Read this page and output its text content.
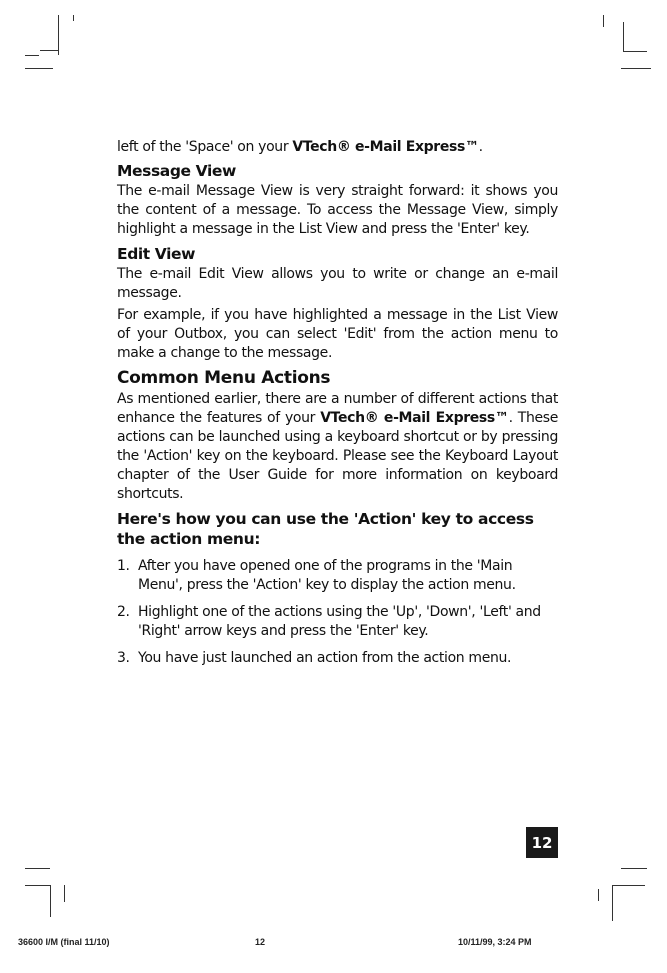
left of the 'Space' on your VTech® e-Mail Express™.

Message View

The e-mail Message View is very straight forward: it shows you the content of a message. To access the Message View, simply highlight a message in the List View and press the 'Enter' key.

Edit View

The e-mail Edit View allows you to write or change an e-mail message.

For example, if you have highlighted a message in the List View of your Outbox, you can select 'Edit' from the action menu to make a change to the message.

Common Menu Actions

As mentioned earlier, there are a number of different actions that enhance the features of your VTech® e-Mail Express™. These actions can be launched using a keyboard shortcut or by pressing the 'Action' key on the keyboard. Please see the Keyboard Layout chapter of the User Guide for more information on keyboard shortcuts.

Here's how you can use the 'Action' key to access the action menu:
1. After you have opened one of the programs in the 'Main Menu', press the 'Action' key to display the action menu.
2. Highlight one of the actions using the 'Up', 'Down', 'Left' and 'Right' arrow keys and press the 'Enter' key.
3. You have just launched an action from the action menu.
12
36600 I/M (final 11/10)	12	10/11/99, 3:24 PM
